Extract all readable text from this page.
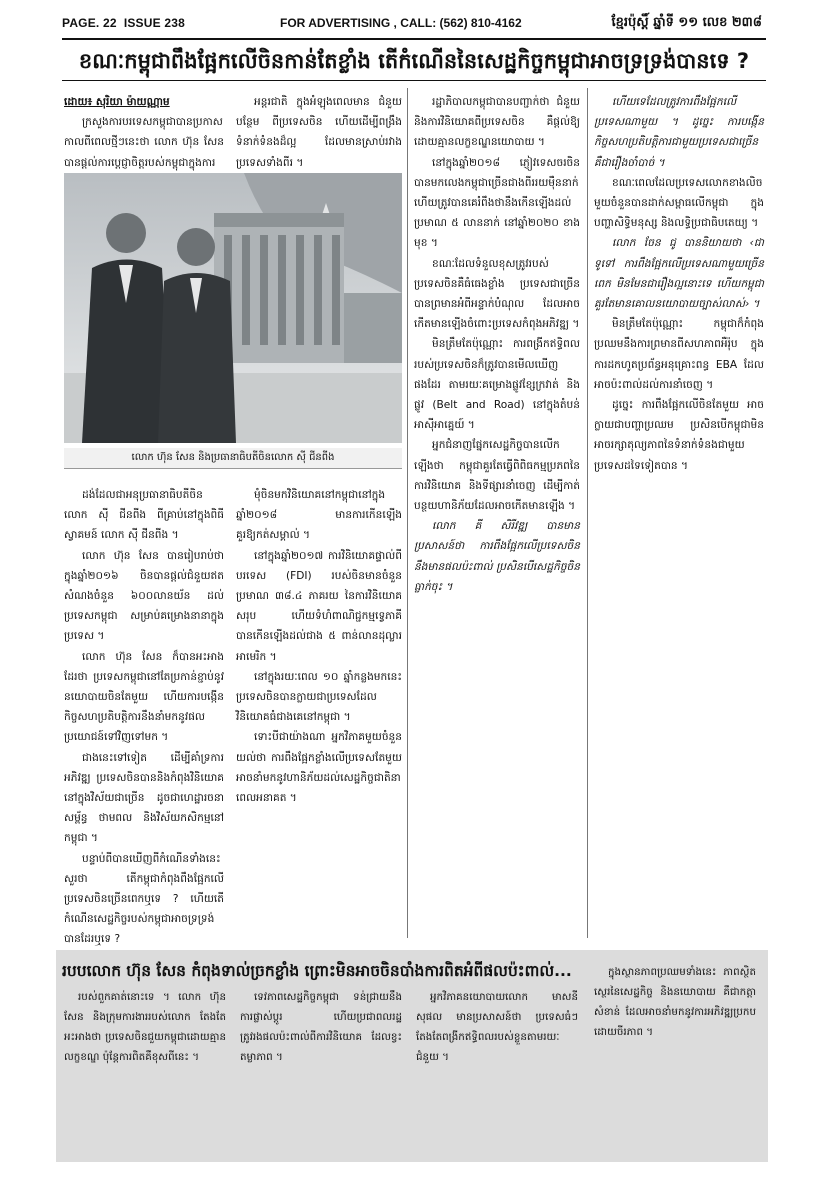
PAGE. 22 ISSUE 238	FOR ADVERTISING , CALL: (562) 810-4162	ខ្មែរប៉ុស្តិ៍ ឆ្នាំទី ១១ លេខ ២៣៨
ខណៈកម្ពុជាពឹងផ្អែកលើចិនកាន់តែខ្លាំង តើកំណើននៃសេដ្ឋកិច្ចកម្ពុជាអាចទ្រទ្រង់បានទេ ?

ដោយ៖ សុរិយា ម៉ាយណ្ណាម

ក្រសួងការបរទេសកម្ពុជាបានប្រកាសកាលពីពេលថ្មីៗនេះថា លោក ហ៊ុន សែន បានផ្ដល់ការប្ដេជ្ញាចិត្ដរបស់កម្ពុជាក្នុងការ

អន្តរជាតិ ក្នុងអំឡុងពេលមាន ជំនួយបន្ថែម ពីប្រទេសចិន ហើយដើម្បីពង្រឹង ទំនាក់ទំនងដ៏ល្អ ដែលមានស្រាប់រវាងប្រទេសទាំងពីរ ។

លោក ហ៊ុន សែន និងប្រធានាធិបតីចិនលោក ស៊ី ជីនពីង

ដង់ដែលជាអនុប្រធានាធិបតីចិនលោក ស៊ី ជីនពីង ពីគ្រាប់នៅក្នុងពិធីស្វាគមន៍ លោក ស៊ី ជីនពីង ។

លោក ហ៊ុន សែន បានរៀបរាប់ថា ក្នុងឆ្នាំ២០១៦ ចិនបានផ្ដល់ជំនួយឥតសំណងចំនួន ៦០០លានយ័ន ដល់ប្រទេសកម្ពុជា សម្រាប់គម្រោងនានាក្នុងប្រទេស ។

លោក ហ៊ុន សែន ក៏បានអះអាងដែរថា ប្រទេសកម្ពុជានៅតែប្រកាន់ខ្ជាប់នូវនយោបាយចិនតែមួយ ហើយការបង្កើនកិច្ចសហប្រតិបត្តិការនឹងនាំមកនូវផលប្រយោជន៍ទៅវិញទៅមក ។

ជាងនេះទៅទៀត ដើម្បីគាំទ្រការអភិវឌ្ឍ ប្រទេសចិនបាននិងកំពុងវិនិយោគនៅក្នុងវិស័យជាច្រើន ដូចជាហេដ្ឋារចនាសម្ព័ន្ធ ថាមពល និងវិស័យកសិកម្មនៅកម្ពុជា ។

បន្ទាប់ពីបានឃើញពីកំណើនទាំងនេះ សួរថា តើកម្ពុជាកំពុងពឹងផ្អែកលើប្រទេសចិនច្រើនពេកឬទេ ? ហើយតើកំណើនសេដ្ឋកិច្ចរបស់កម្ពុជាអាចទ្រទ្រង់បានដែរឬទេ ?

មុំចិនមកវិនិយោគនៅកម្ពុជានៅក្នុងឆ្នាំ២០១៨ មានការកើនឡើងគួរឱ្យកត់សម្គាល់ ។

នៅក្នុងឆ្នាំ២០១៧ ការវិនិយោគផ្ទាល់ពីបរទេស (FDI) របស់ចិនមានចំនួនប្រមាណ ៣៨.៤ ភាគរយ នៃការវិនិយោគសរុប ហើយទំហំពាណិជ្ជកម្មទ្វេភាគីបានកើនឡើងដល់ជាង ៥ ពាន់លានដុល្លារអាមេរិក ។

នៅក្នុងរយៈពេល ១០ ឆ្នាំកន្លងមកនេះ ប្រទេសចិនបានក្លាយជាប្រទេសដែលវិនិយោគធំជាងគេនៅកម្ពុជា ។

ទោះបីជាយ៉ាងណា អ្នកវិភាគមួយចំនួនយល់ថា ការពឹងផ្អែកខ្លាំងលើប្រទេសតែមួយ អាចនាំមកនូវហានិភ័យដល់សេដ្ឋកិច្ចជាតិនាពេលអនាគត ។

រដ្ឋាភិបាលកម្ពុជាបានបញ្ជាក់ថា ជំនួយ និងការវិនិយោគពីប្រទេសចិន គឺផ្ដល់ឱ្យដោយគ្មានលក្ខខណ្ឌនយោបាយ ។

នៅក្នុងឆ្នាំ២០១៨ ភ្ញៀវទេសចរចិនបានមកលេងកម្ពុជាច្រើនជាងពីររយម៉ឺននាក់ ហើយត្រូវបានគេរំពឹងថានឹងកើនឡើងដល់ប្រមាណ ៥ លាននាក់ នៅឆ្នាំ២០២០ ខាងមុខ ។

ខណៈដែលទំនួលខុសត្រូវរបស់ប្រទេសចិនគឺធំធេងខ្លាំង ប្រទេសជាច្រើនបានព្រមានអំពីអន្ទាក់បំណុល ដែលអាចកើតមានឡើងចំពោះប្រទេសកំពុងអភិវឌ្ឍ ។

មិនត្រឹមតែប៉ុណ្ណោះ ការពង្រីកឥទ្ធិពលរបស់ប្រទេសចិនក៏ត្រូវបានមើលឃើញផងដែរ តាមរយៈគម្រោងផ្លូវខ្សែក្រវាត់ និងផ្លូវ (Belt and Road) នៅក្នុងតំបន់អាស៊ីអាគ្នេយ៍ ។

អ្នកជំនាញផ្នែកសេដ្ឋកិច្ចបានលើកឡើងថា កម្ពុជាគួរតែធ្វើពិពិធកម្មប្រភពនៃការវិនិយោគ និងទីផ្សារនាំចេញ ដើម្បីកាត់បន្ថយហានិភ័យដែលអាចកើតមានឡើង ។

លោក គី សិរីវឌ្ឍ បានមានប្រសាសន៍ថា ការពឹងផ្អែកលើប្រទេសចិននឹងមានផលប៉ះពាល់ ប្រសិនបើសេដ្ឋកិច្ចចិនធ្លាក់ចុះ ។

ហើយទេដែលត្រូវការពឹងផ្អែកលើប្រទេសណាមួយ ។ ដូច្នេះ ការបង្កើនកិច្ចសហប្រតិបត្តិការជាមួយប្រទេសជាច្រើន គឺជារឿងចាំបាច់ ។

ខណៈពេលដែលប្រទេសលោកខាងលិចមួយចំនួនបានដាក់សម្ពាធលើកម្ពុជា ក្នុងបញ្ហាសិទ្ធិមនុស្ស និងលទ្ធិប្រជាធិបតេយ្យ ។

លោក ចែន ជូ បាននិយាយថា ‹ជាទូទៅ ការពឹងផ្អែកលើប្រទេសណាមួយច្រើនពេក មិនមែនជារឿងល្អនោះទេ ហើយកម្ពុជាគួរតែមានគោលនយោបាយច្បាស់លាស់› ។

មិនត្រឹមតែប៉ុណ្ណោះ កម្ពុជាក៏កំពុងប្រឈមនឹងការព្រមានពីសហភាពអឺរ៉ុប ក្នុងការដកហូតប្រព័ន្ធអនុគ្រោះពន្ធ EBA ដែលអាចប៉ះពាល់ដល់ការនាំចេញ ។

ដូច្នេះ ការពឹងផ្អែកលើចិនតែមួយ អាចក្លាយជាបញ្ហាប្រឈម ប្រសិនបើកម្ពុជាមិនអាចរក្សាតុល្យភាពនៃទំនាក់ទំនងជាមួយប្រទេសដទៃទៀតបាន ។

របបលោក ហ៊ុន សែន កំពុងទាល់ច្រកខ្លាំង ព្រោះមិនអាចចិនបាំងការពិតអំពីផលប៉ះពាល់...

របស់ពួកគាត់នោះទេ ។ លោក ហ៊ុន សែន និងក្រុមការងាររបស់លោក តែងតែអះអាងថា ប្រទេសចិនជួយកម្ពុជាដោយគ្មានលក្ខខណ្ឌ ប៉ុន្តែការពិតគឺខុសពីនេះ ។

ទេវភាពសេដ្ឋកិច្ចកម្ពុជា ទន់ជ្រាយនឹងការផ្លាស់ប្ដូរ ហើយប្រជាពលរដ្ឋ ត្រូវរងផលប៉ះពាល់ពីការវិនិយោគ ដែលខ្វះតម្លាភាព ។

អ្នកវិភាគនយោបាយលោក មាសនី សុផល មានប្រសាសន៍ថា ប្រទេសធំៗ តែងតែពង្រីកឥទ្ធិពលរបស់ខ្លួនតាមរយៈជំនួយ ។

ក្នុងស្ថានភាពប្រឈមទាំងនេះ ភាពស្ថិតស្ថេរនៃសេដ្ឋកិច្ច និងនយោបាយ គឺជាកត្តាសំខាន់ ដែលអាចនាំមកនូវការអភិវឌ្ឍប្រកបដោយចីរភាព ។
